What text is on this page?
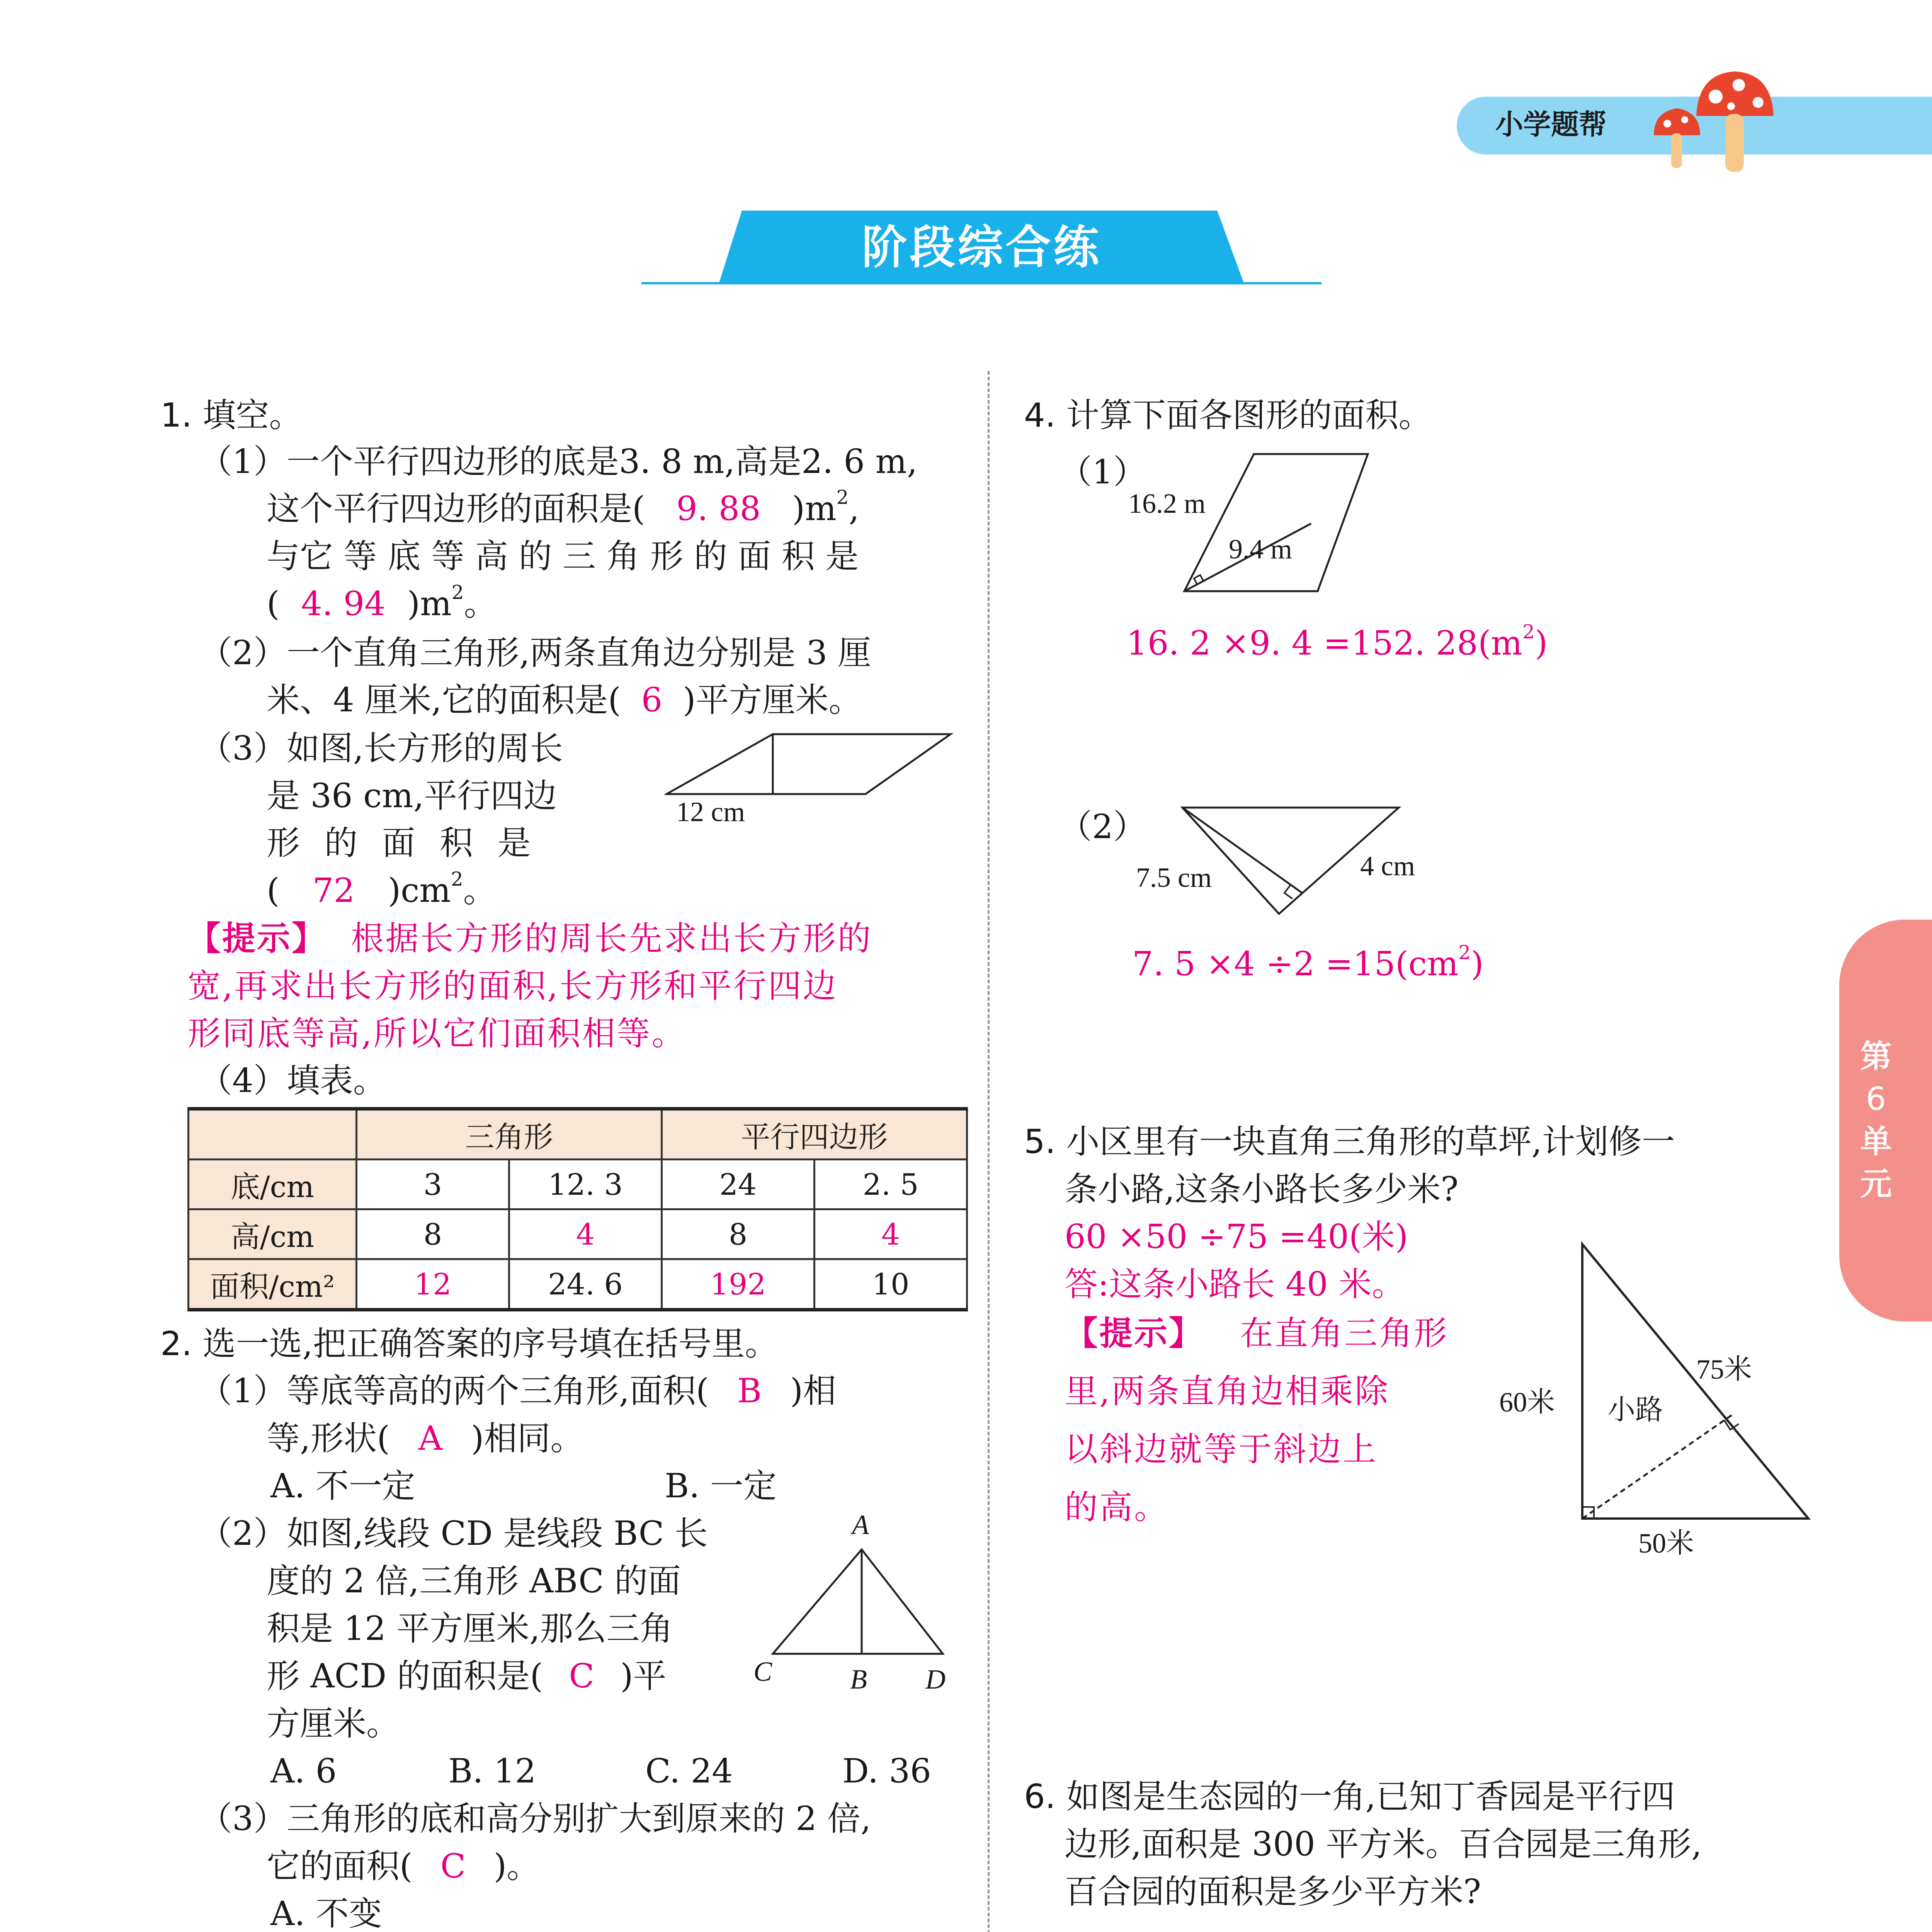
小学题帮
阶段综合练
第
6
单
元
1. 填空。
（1）一个平行四边形的底是3. 8 m,高是2. 6 m,
这个平行四边形的面积是( 9. 88 )$m^2$,
与它 等 底 等 高 的 三 角 形 的 面 积 是
( 4. 94 )$m^2$。
（2）一个直角三角形,两条直角边分别是 3 厘
米、4 厘米,它的面积是( 6 )平方厘米。
（3）如图,长方形的周长
是 36 cm,平行四边
形 的 面 积 是
( 72 )$cm^2$。
12 cm
【提示】 根据长方形的周长先求出长方形的
宽,再求出长方形的面积,长方形和平行四边
形同底等高,所以它们面积相等。
（4）填表。
	三角形		平行四边形	
底/cm	3	12. 3	24	2. 5
高/cm	8	4	8	4
面积/cm²	12	24. 6	192	10
2. 选一选,把正确答案的序号填在括号里。
（1）等底等高的两个三角形,面积( B )相
等,形状( A )相同。
A. 不一定	B. 一定
（2）如图,线段 CD 是线段 BC 长
度的 2 倍,三角形 ABC 的面
积是 12 平方厘米,那么三角
形 ACD 的面积是( C )平
方厘米。
A. 6	B. 12	C. 24	D. 36
A
C	B D
（3）三角形的底和高分别扩大到原来的 2 倍,
它的面积( C )。
A. 不变

4. 计算下面各图形的面积。
（1）
16.2 m
9.4 m
16. 2 ×9. 4 =152. $28(m^2)$
（2）
7.5 cm	4 cm
7. $5 \times 4 \div 2 =15(cm^2)$
5. 小区里有一块直角三角形的草坪,计划修一
条小路,这条小路长多少米?
60 ×50 ÷75 =40(米)
答:这条小路长 40 米。
【提示】 在直角三角形
里,两条直角边相乘除
以斜边就等于斜边上
的高。
60米
75米
50米
小路
6. 如图是生态园的一角,已知丁香园是平行四
边形,面积是 300 平方米。百合园是三角形,
百合园的面积是多少平方米?
